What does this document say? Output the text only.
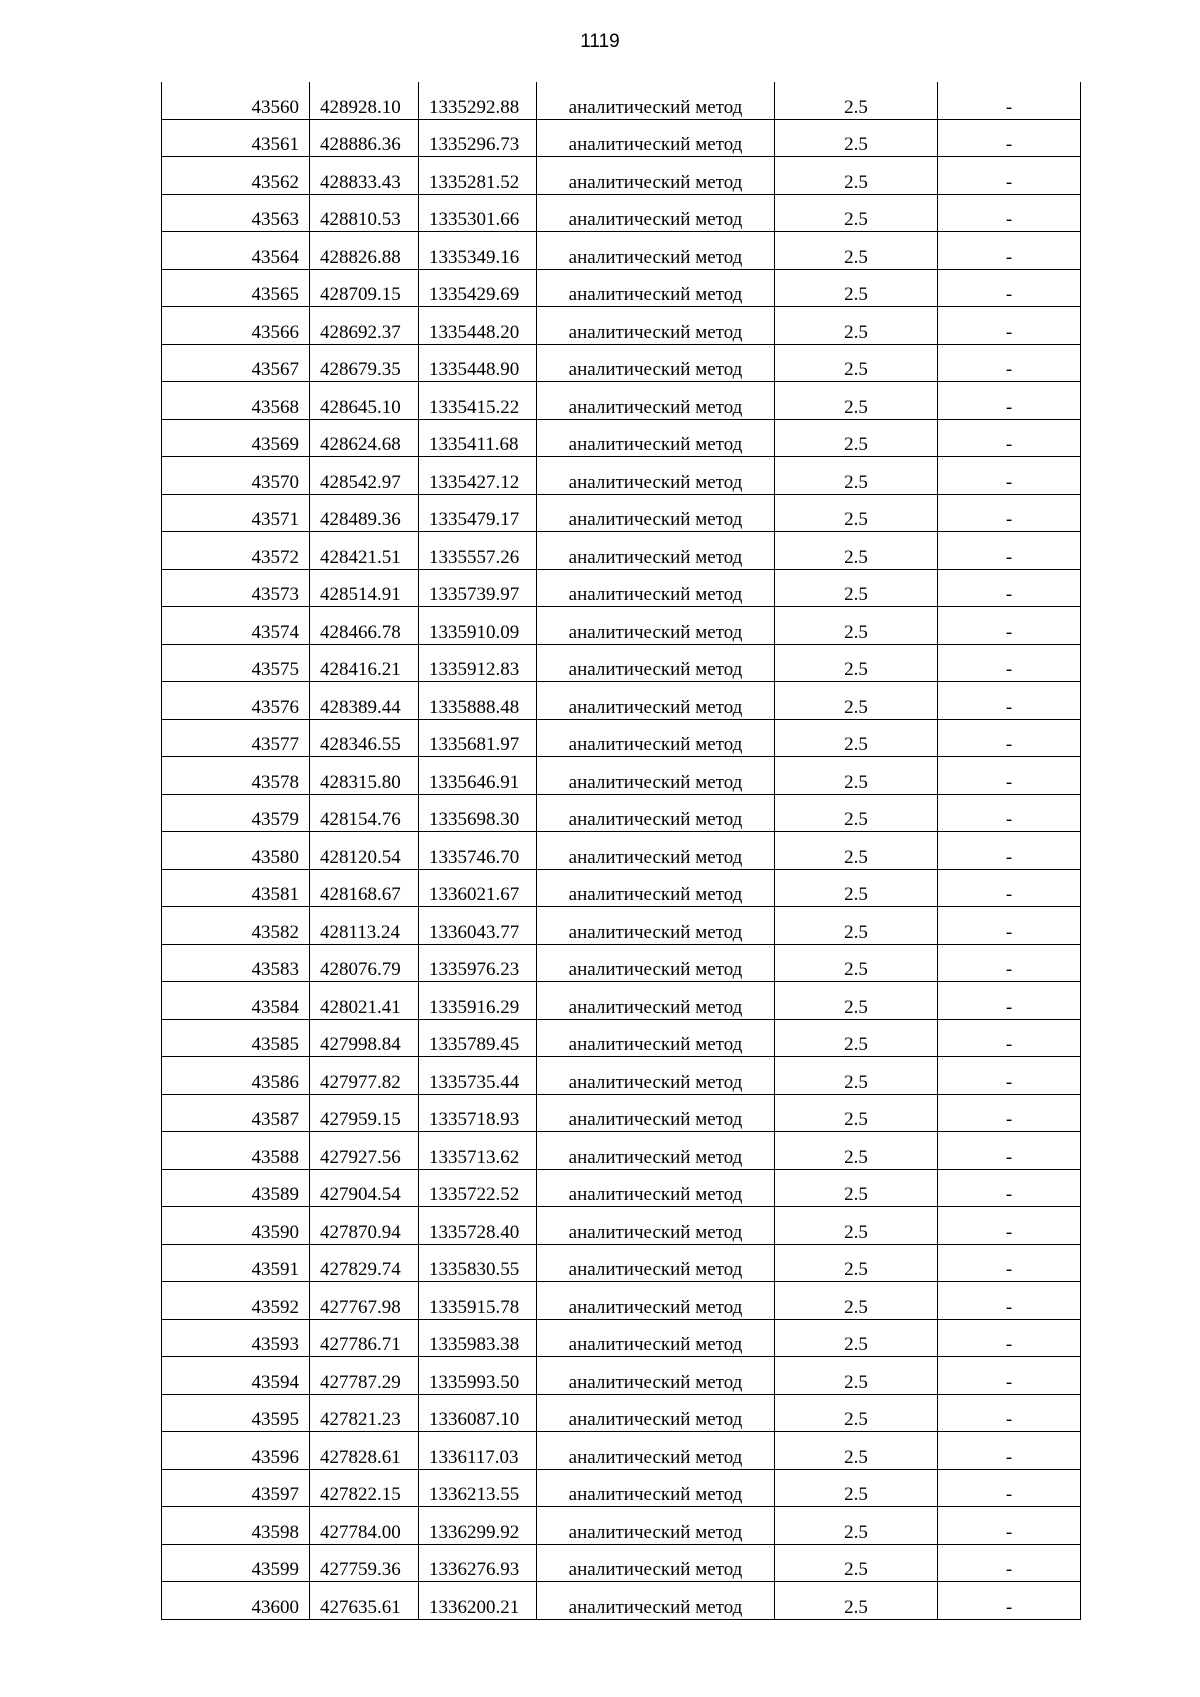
1119
43560	428928.10	1335292.88	аналитический метод	2.5	-
43561	428886.36	1335296.73	аналитический метод	2.5	-
43562	428833.43	1335281.52	аналитический метод	2.5	-
43563	428810.53	1335301.66	аналитический метод	2.5	-
43564	428826.88	1335349.16	аналитический метод	2.5	-
43565	428709.15	1335429.69	аналитический метод	2.5	-
43566	428692.37	1335448.20	аналитический метод	2.5	-
43567	428679.35	1335448.90	аналитический метод	2.5	-
43568	428645.10	1335415.22	аналитический метод	2.5	-
43569	428624.68	1335411.68	аналитический метод	2.5	-
43570	428542.97	1335427.12	аналитический метод	2.5	-
43571	428489.36	1335479.17	аналитический метод	2.5	-
43572	428421.51	1335557.26	аналитический метод	2.5	-
43573	428514.91	1335739.97	аналитический метод	2.5	-
43574	428466.78	1335910.09	аналитический метод	2.5	-
43575	428416.21	1335912.83	аналитический метод	2.5	-
43576	428389.44	1335888.48	аналитический метод	2.5	-
43577	428346.55	1335681.97	аналитический метод	2.5	-
43578	428315.80	1335646.91	аналитический метод	2.5	-
43579	428154.76	1335698.30	аналитический метод	2.5	-
43580	428120.54	1335746.70	аналитический метод	2.5	-
43581	428168.67	1336021.67	аналитический метод	2.5	-
43582	428113.24	1336043.77	аналитический метод	2.5	-
43583	428076.79	1335976.23	аналитический метод	2.5	-
43584	428021.41	1335916.29	аналитический метод	2.5	-
43585	427998.84	1335789.45	аналитический метод	2.5	-
43586	427977.82	1335735.44	аналитический метод	2.5	-
43587	427959.15	1335718.93	аналитический метод	2.5	-
43588	427927.56	1335713.62	аналитический метод	2.5	-
43589	427904.54	1335722.52	аналитический метод	2.5	-
43590	427870.94	1335728.40	аналитический метод	2.5	-
43591	427829.74	1335830.55	аналитический метод	2.5	-
43592	427767.98	1335915.78	аналитический метод	2.5	-
43593	427786.71	1335983.38	аналитический метод	2.5	-
43594	427787.29	1335993.50	аналитический метод	2.5	-
43595	427821.23	1336087.10	аналитический метод	2.5	-
43596	427828.61	1336117.03	аналитический метод	2.5	-
43597	427822.15	1336213.55	аналитический метод	2.5	-
43598	427784.00	1336299.92	аналитический метод	2.5	-
43599	427759.36	1336276.93	аналитический метод	2.5	-
43600	427635.61	1336200.21	аналитический метод	2.5	-
